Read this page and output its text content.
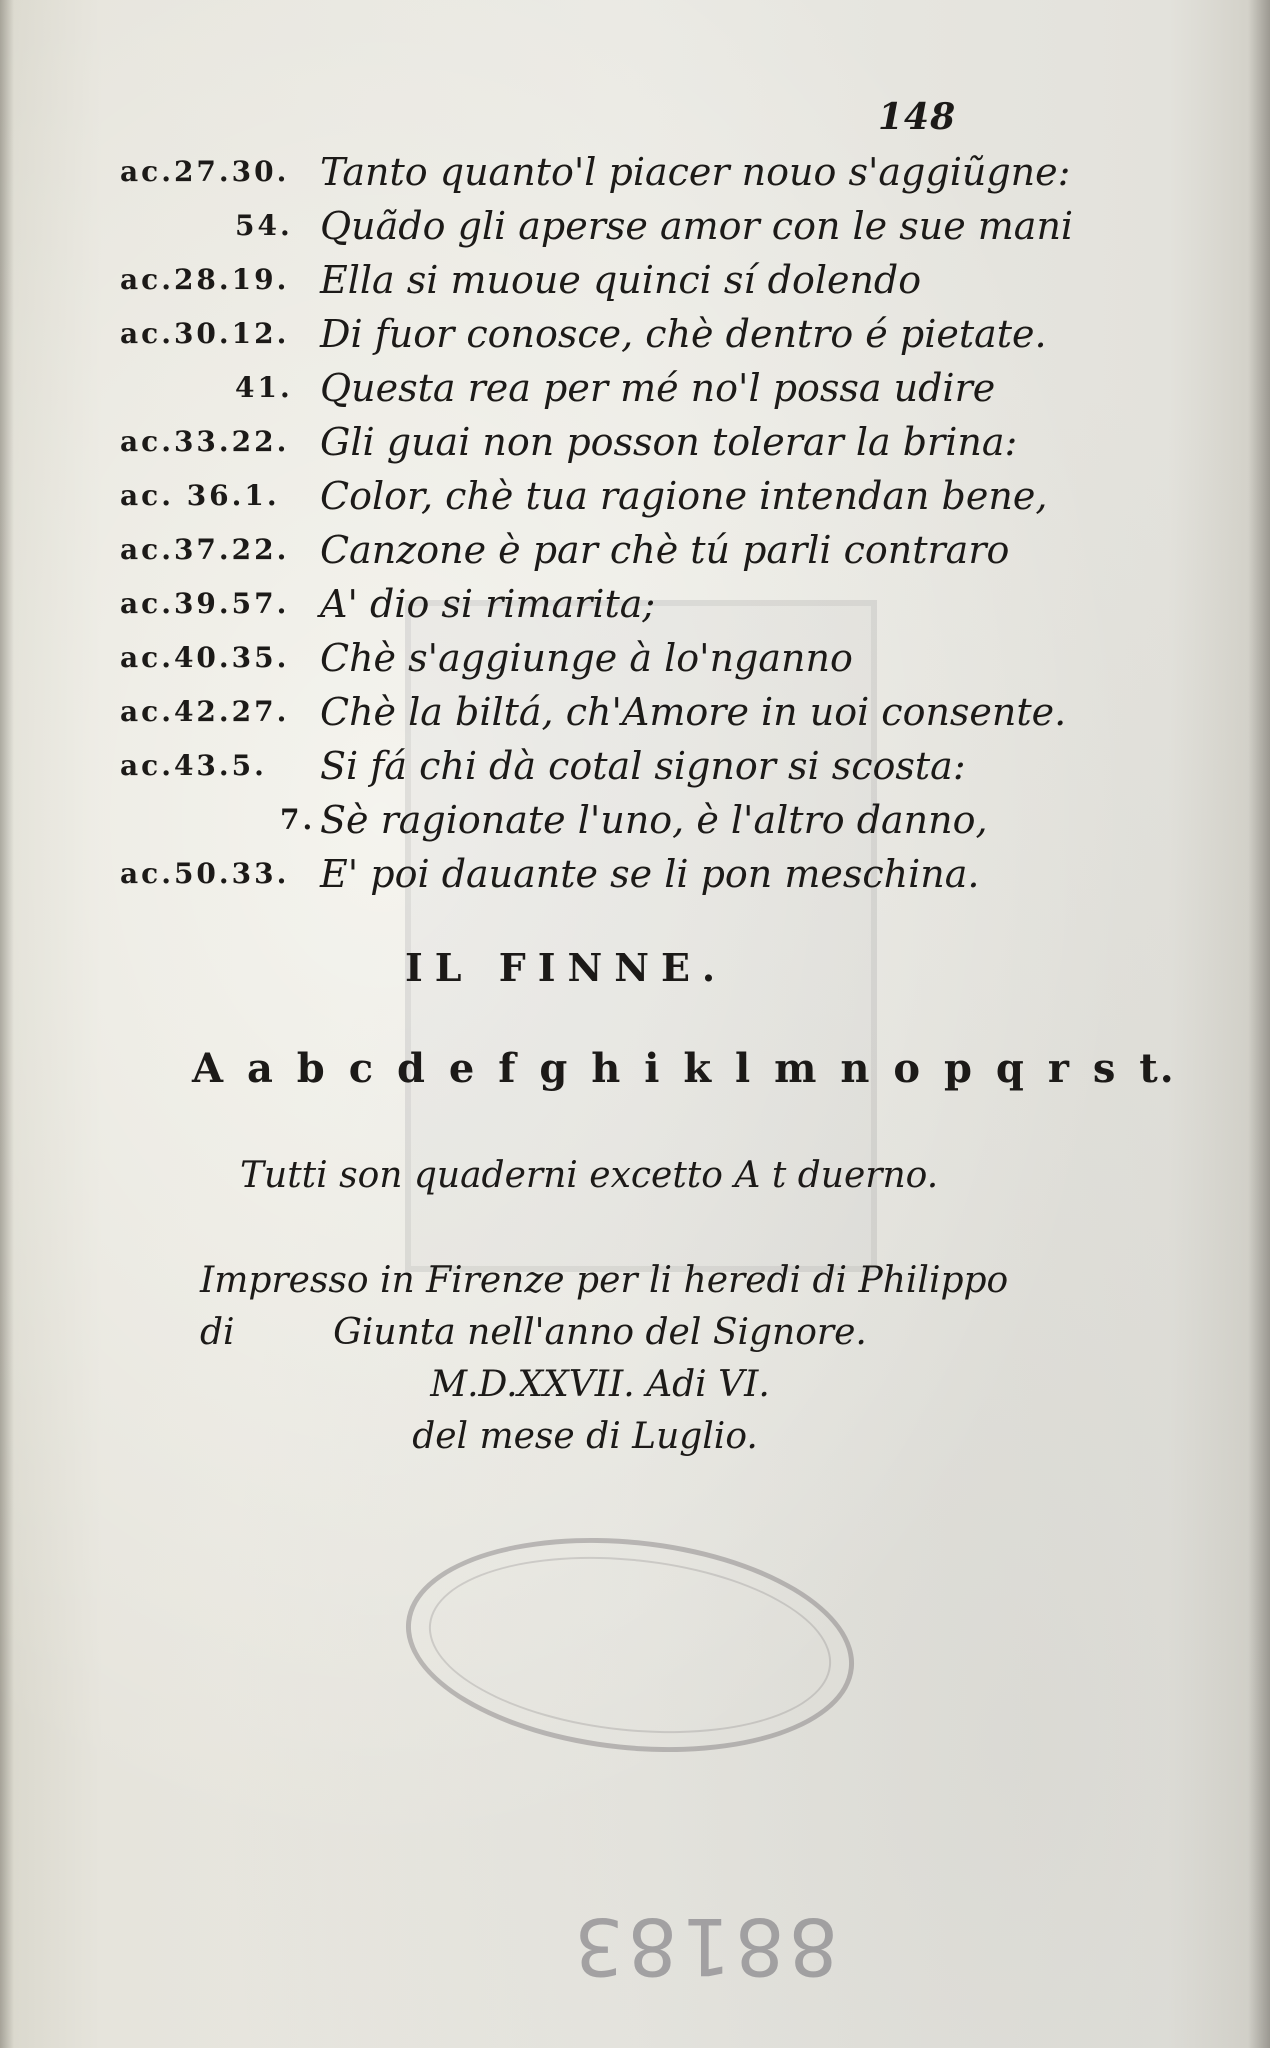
148
ac.27.30. Tanto quanto'l piacer nouo s'aggiũgne:
54. Quãdo gli aperse amor con le sue mani
ac.28.19. Ella si muoue quinci sí dolendo
ac.30.12. Di fuor conosce, chè dentro é pietate.
41. Questa rea per mé no'l possa udire
ac.33.22. Gli guai non posson tolerar la brina:
ac. 36.1. Color, chè tua ragione intendan bene,
ac.37.22. Canzone è par chè tú parli contraro
ac.39.57. A' dio si rimarita;
ac.40.35. Chè s'aggiunge à lo'nganno
ac.42.27. Chè la biltá, ch'Amore in uoi consente.
ac.43.5. Si fá chi dà cotal signor si scosta:
7. Sè ragionate l'uno, è l'altro danno,
ac.50.33. E' poi dauante se li pon meschina.
IL FINNE.
A a b c d e f g h i k l m n o p q r s t.
Tutti son quaderni excetto A t duerno.
Impresso in Firenze per li heredi di Philippo di	Giunta nell'anno del Signore.
M.D.XXVII. Adi VI.
del mese di Luglio.
88183
